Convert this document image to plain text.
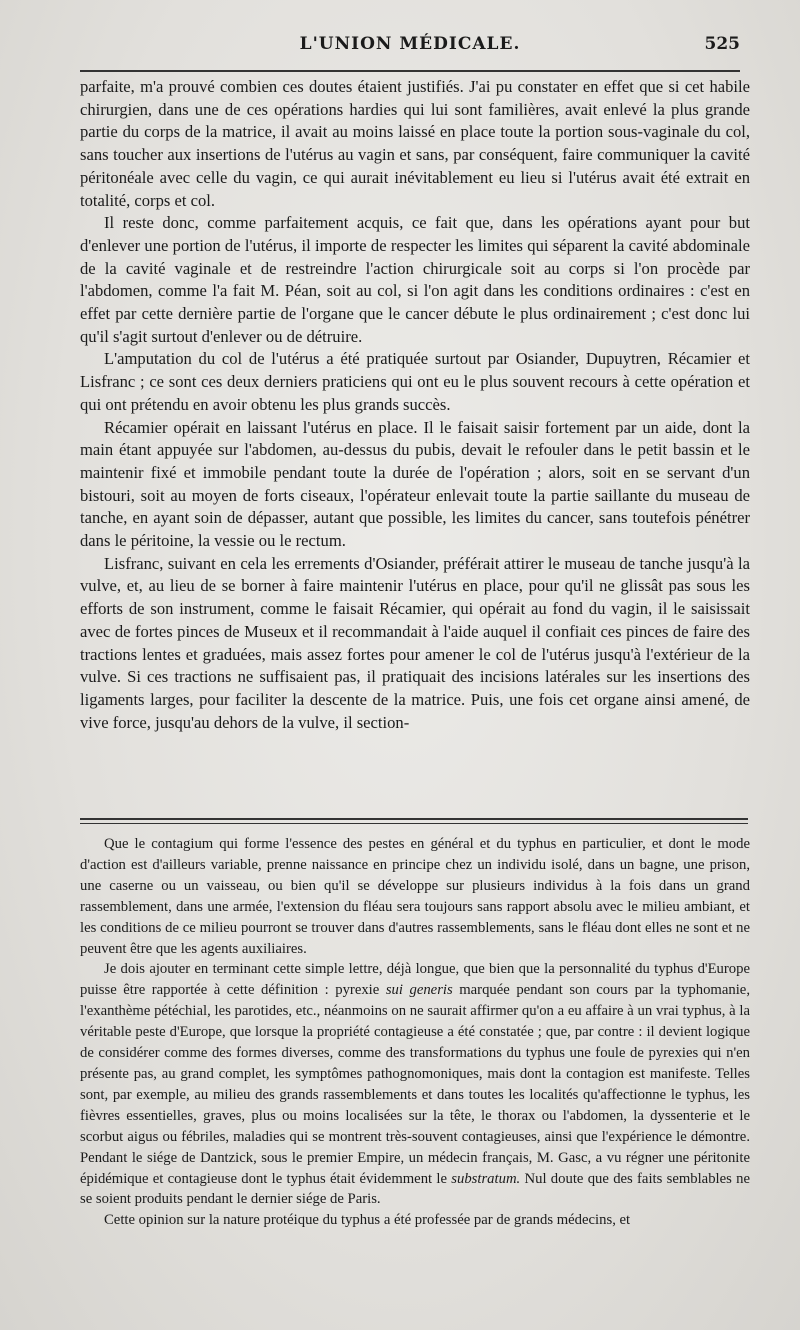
L'UNION MÉDICALE.	525

parfaite, m'a prouvé combien ces doutes étaient justifiés. J'ai pu constater en effet que si cet habile chirurgien, dans une de ces opérations hardies qui lui sont familières, avait enlevé la plus grande partie du corps de la matrice, il avait au moins laissé en place toute la portion sous-vaginale du col, sans toucher aux insertions de l'utérus au vagin et sans, par conséquent, faire communiquer la cavité péritonéale avec celle du vagin, ce qui aurait inévitablement eu lieu si l'utérus avait été extrait en totalité, corps et col.

Il reste donc, comme parfaitement acquis, ce fait que, dans les opérations ayant pour but d'enlever une portion de l'utérus, il importe de respecter les limites qui séparent la cavité abdominale de la cavité vaginale et de restreindre l'action chirurgicale soit au corps si l'on procède par l'abdomen, comme l'a fait M. Péan, soit au col, si l'on agit dans les conditions ordinaires : c'est en effet par cette dernière partie de l'organe que le cancer débute le plus ordinairement ; c'est donc lui qu'il s'agit surtout d'enlever ou de détruire.

L'amputation du col de l'utérus a été pratiquée surtout par Osiander, Dupuytren, Récamier et Lisfranc ; ce sont ces deux derniers praticiens qui ont eu le plus souvent recours à cette opération et qui ont prétendu en avoir obtenu les plus grands succès.

Récamier opérait en laissant l'utérus en place. Il le faisait saisir fortement par un aide, dont la main étant appuyée sur l'abdomen, au-dessus du pubis, devait le refouler dans le petit bassin et le maintenir fixé et immobile pendant toute la durée de l'opération ; alors, soit en se servant d'un bistouri, soit au moyen de forts ciseaux, l'opérateur enlevait toute la partie saillante du museau de tanche, en ayant soin de dépasser, autant que possible, les limites du cancer, sans toutefois pénétrer dans le péritoine, la vessie ou le rectum.

Lisfranc, suivant en cela les errements d'Osiander, préférait attirer le museau de tanche jusqu'à la vulve, et, au lieu de se borner à faire maintenir l'utérus en place, pour qu'il ne glissât pas sous les efforts de son instrument, comme le faisait Récamier, qui opérait au fond du vagin, il le saisissait avec de fortes pinces de Museux et il recommandait à l'aide auquel il confiait ces pinces de faire des tractions lentes et graduées, mais assez fortes pour amener le col de l'utérus jusqu'à l'extérieur de la vulve. Si ces tractions ne suffisaient pas, il pratiquait des incisions latérales sur les insertions des ligaments larges, pour faciliter la descente de la matrice. Puis, une fois cet organe ainsi amené, de vive force, jusqu'au dehors de la vulve, il section-

Que le contagium qui forme l'essence des pestes en général et du typhus en particulier, et dont le mode d'action est d'ailleurs variable, prenne naissance en principe chez un individu isolé, dans un bagne, une prison, une caserne ou un vaisseau, ou bien qu'il se développe sur plusieurs individus à la fois dans un grand rassemblement, dans une armée, l'extension du fléau sera toujours sans rapport absolu avec le milieu ambiant, et les conditions de ce milieu pourront se trouver dans d'autres rassemblements, sans le fléau dont elles ne sont et ne peuvent être que les agents auxiliaires.

Je dois ajouter en terminant cette simple lettre, déjà longue, que bien que la personnalité du typhus d'Europe puisse être rapportée à cette définition : pyrexie sui generis marquée pendant son cours par la typhomanie, l'exanthème pétéchial, les parotides, etc., néanmoins on ne saurait affirmer qu'on a eu affaire à un vrai typhus, à la véritable peste d'Europe, que lorsque la propriété contagieuse a été constatée ; que, par contre : il devient logique de considérer comme des formes diverses, comme des transformations du typhus une foule de pyrexies qui n'en présente pas, au grand complet, les symptômes pathognomoniques, mais dont la contagion est manifeste. Telles sont, par exemple, au milieu des grands rassemblements et dans toutes les localités qu'affectionne le typhus, les fièvres essentielles, graves, plus ou moins localisées sur la tête, le thorax ou l'abdomen, la dyssenterie et le scorbut aigus ou fébriles, maladies qui se montrent très-souvent contagieuses, ainsi que l'expérience le démontre. Pendant le siége de Dantzick, sous le premier Empire, un médecin français, M. Gasc, a vu régner une péritonite épidémique et contagieuse dont le typhus était évidemment le substratum. Nul doute que des faits semblables ne se soient produits pendant le dernier siége de Paris.

Cette opinion sur la nature protéique du typhus a été professée par de grands médecins, et
